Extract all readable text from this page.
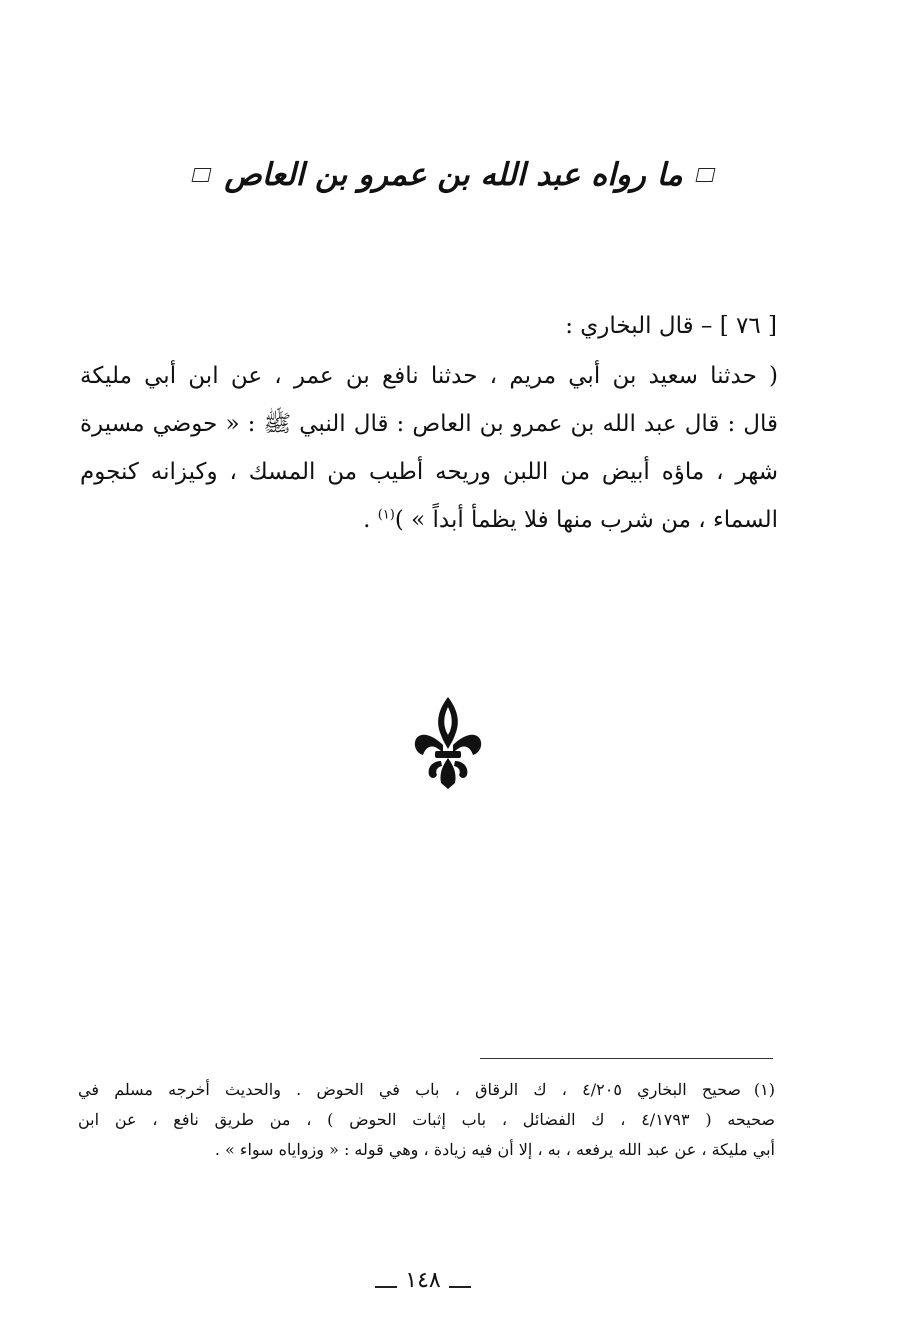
ما رواه عبد الله بن عمرو بن العاص
[ ٧٦ ] – قال البخاري :
( حدثنا سعيد بن أبي مريم ، حدثنا نافع بن عمر ، عن ابن أبي مليكة
قال : قال عبد الله بن عمرو بن العاص : قال النبي ﷺ : « حوضي مسيرة
شهر ، ماؤه أبيض من اللبن وريحه أطيب من المسك ، وكيزانه كنجوم
السماء ، من شرب منها فلا يظمأ أبداً » )$^{(١)}$ .
(١)صحيح البخاري ٤/٢٠٥ ، ك الرقاق ، باب في الحوض . والحديث أخرجه مسلم في
صحيحه ( ٤/١٧٩٣ ، ك الفضائل ، باب إثبات الحوض ) ، من طريق نافع ، عن ابن
أبي مليكة ، عن عبد الله يرفعه ، به ، إلا أن فيه زيادة ، وهي قوله : « وزواياه سواء » .
١٤٨
